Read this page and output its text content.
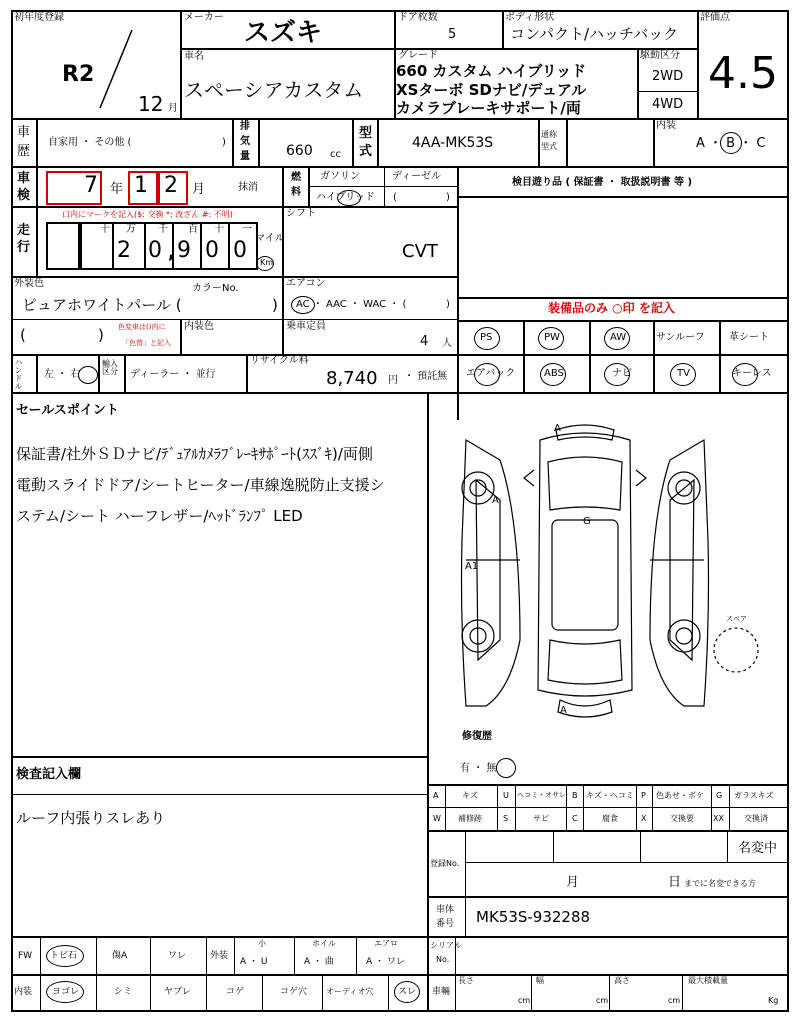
初年度登録
R2
12 月
メーカー
スズキ
ドア枚数
5
ボディ形状
コンパクト/ハッチバック
評価点
4.5
車名
スペーシアカスタム
グレード
660 カスタム ハイブリッド
XSターボ SDナビ/デュアル
カメラブレーキサポート/両
駆動区分
2WD
4WD
車
歴
自家用 ・ その他 (	)
排
気
量	660 cc
型
式
4AA-MK53S
通称
型式
内装
A ・ B ・ C
車
検 7 年 1 2 月	抹消
燃
料
ガソリン	ディーゼル
ハイブリッド (	)
検目遊り品 ( 保証書 ・ 取扱説明書 等 )
走
行
口内にマークを記入($: 交換 *: 改ざん #: 不明)
十 万 千 百 十 一
2 0 , 9 0 0 マイル
Km
シフト
CVT
外装色	カラーNo.
ピュアホワイトパール (	)
(	) 色変車は()内に
「色替」と記入
内装色
エアコン
AC ・ AAC ・ WAC ・ (	)
乗車定員
4 人
装備品のみ ○印 を記入
PS	PW	AW	サンルーフ 革シート
エアバック	ABS	ナビ	TV	キーレス
ハンドル 左 ・ 右
輸入区分	ディーラー ・ 並行
リサイクル料
8,740 円 ・ 預託無
セールスポイント
保証書/社外ＳＤナビ/ﾃﾞｭｱﾙｶﾒﾗﾌﾞﾚｰｷｻﾎﾟｰﾄ(ｽｽﾞｷ)/両側
電動スライドドア/シートヒーター/車線逸脱防止支援シ
ステム/シート ハーフレザー/ﾍｯﾄﾞﾗﾝﾌﾟ LED
検査記入欄
ルーフ内張りスレあり
A
A
G
A1
A
スペア
修復歴
有 ・ 無
A	キズ	U ヘコミ・オサレ B キズ・ヘコミ P 色あせ・ボケ G ガラスキズ
W 補修跡	S	サビ	C	腐食	X	交換要 XX	交換済
登録No.
名変中
月	日 までに名変できる方
車体
番号 MK53S-932288
FW トビ石	傷A	ワレ	外装
小
A ・ U
ホイル
A ・ 曲
エアロ
A ・ ワレ
シリアル
No.
内装 ヨゴレ	シミ	ヤブレ	コゲ	コゲ穴 オーディオ穴	スレ 車輛
長さ
cm
幅
cm
高さ
cm
最大積載量
Kg
